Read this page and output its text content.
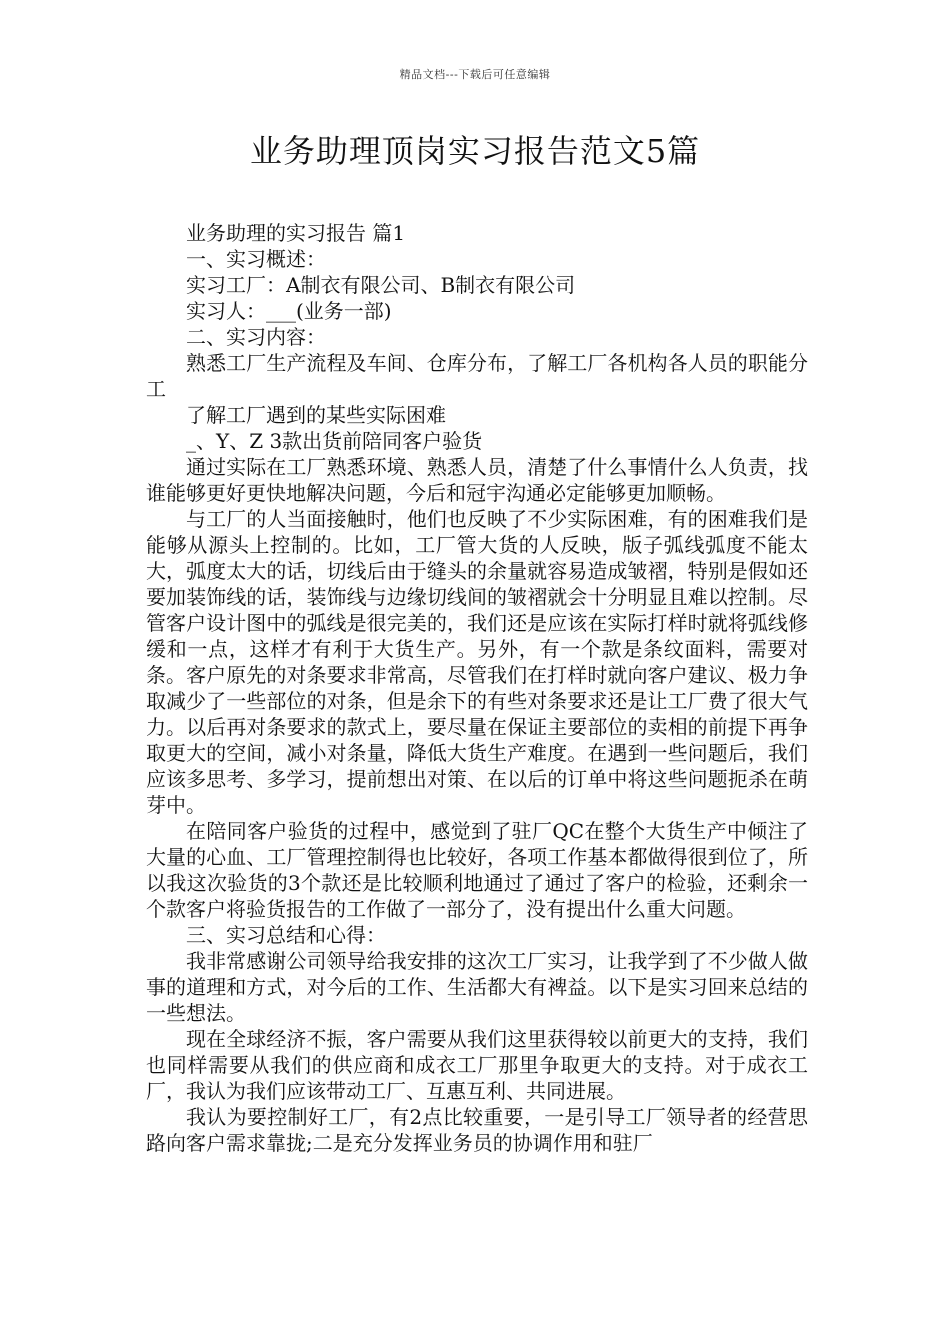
精品文档---下载后可任意编辑
业务助理顶岗实习报告范文5篇

业务助理的实习报告 篇1

一、实习概述：

实习工厂：A制衣有限公司、B制衣有限公司

实习人：___(业务一部)

二、实习内容：

熟悉工厂生产流程及车间、仓库分布，了解工厂各机构各人员的职能分工

了解工厂遇到的某些实际困难

_、Y、Z 3款出货前陪同客户验货

通过实际在工厂熟悉环境、熟悉人员，清楚了什么事情什么人负责，找谁能够更好更快地解决问题，今后和冠宇沟通必定能够更加顺畅。

与工厂的人当面接触时，他们也反映了不少实际困难，有的困难我们是能够从源头上控制的。比如，工厂管大货的人反映，版子弧线弧度不能太大，弧度太大的话，切线后由于缝头的余量就容易造成皱褶，特别是假如还要加装饰线的话，装饰线与边缘切线间的皱褶就会十分明显且难以控制。尽管客户设计图中的弧线是很完美的，我们还是应该在实际打样时就将弧线修缓和一点，这样才有利于大货生产。另外，有一个款是条纹面料，需要对条。客户原先的对条要求非常高，尽管我们在打样时就向客户建议、极力争取减少了一些部位的对条，但是余下的有些对条要求还是让工厂费了很大气力。以后再对条要求的款式上，要尽量在保证主要部位的卖相的前提下再争取更大的空间，减小对条量，降低大货生产难度。在遇到一些问题后，我们应该多思考、多学习，提前想出对策、在以后的订单中将这些问题扼杀在萌芽中。

在陪同客户验货的过程中，感觉到了驻厂QC在整个大货生产中倾注了大量的心血、工厂管理控制得也比较好，各项工作基本都做得很到位了，所以我这次验货的3个款还是比较顺利地通过了通过了客户的检验，还剩余一个款客户将验货报告的工作做了一部分了，没有提出什么重大问题。

三、实习总结和心得：

我非常感谢公司领导给我安排的这次工厂实习，让我学到了不少做人做事的道理和方式，对今后的工作、生活都大有裨益。以下是实习回来总结的一些想法。

现在全球经济不振，客户需要从我们这里获得较以前更大的支持，我们也同样需要从我们的供应商和成衣工厂那里争取更大的支持。对于成衣工厂，我认为我们应该带动工厂、互惠互利、共同进展。

我认为要控制好工厂，有2点比较重要，一是引导工厂领导者的经营思路向客户需求靠拢;二是充分发挥业务员的协调作用和驻厂
